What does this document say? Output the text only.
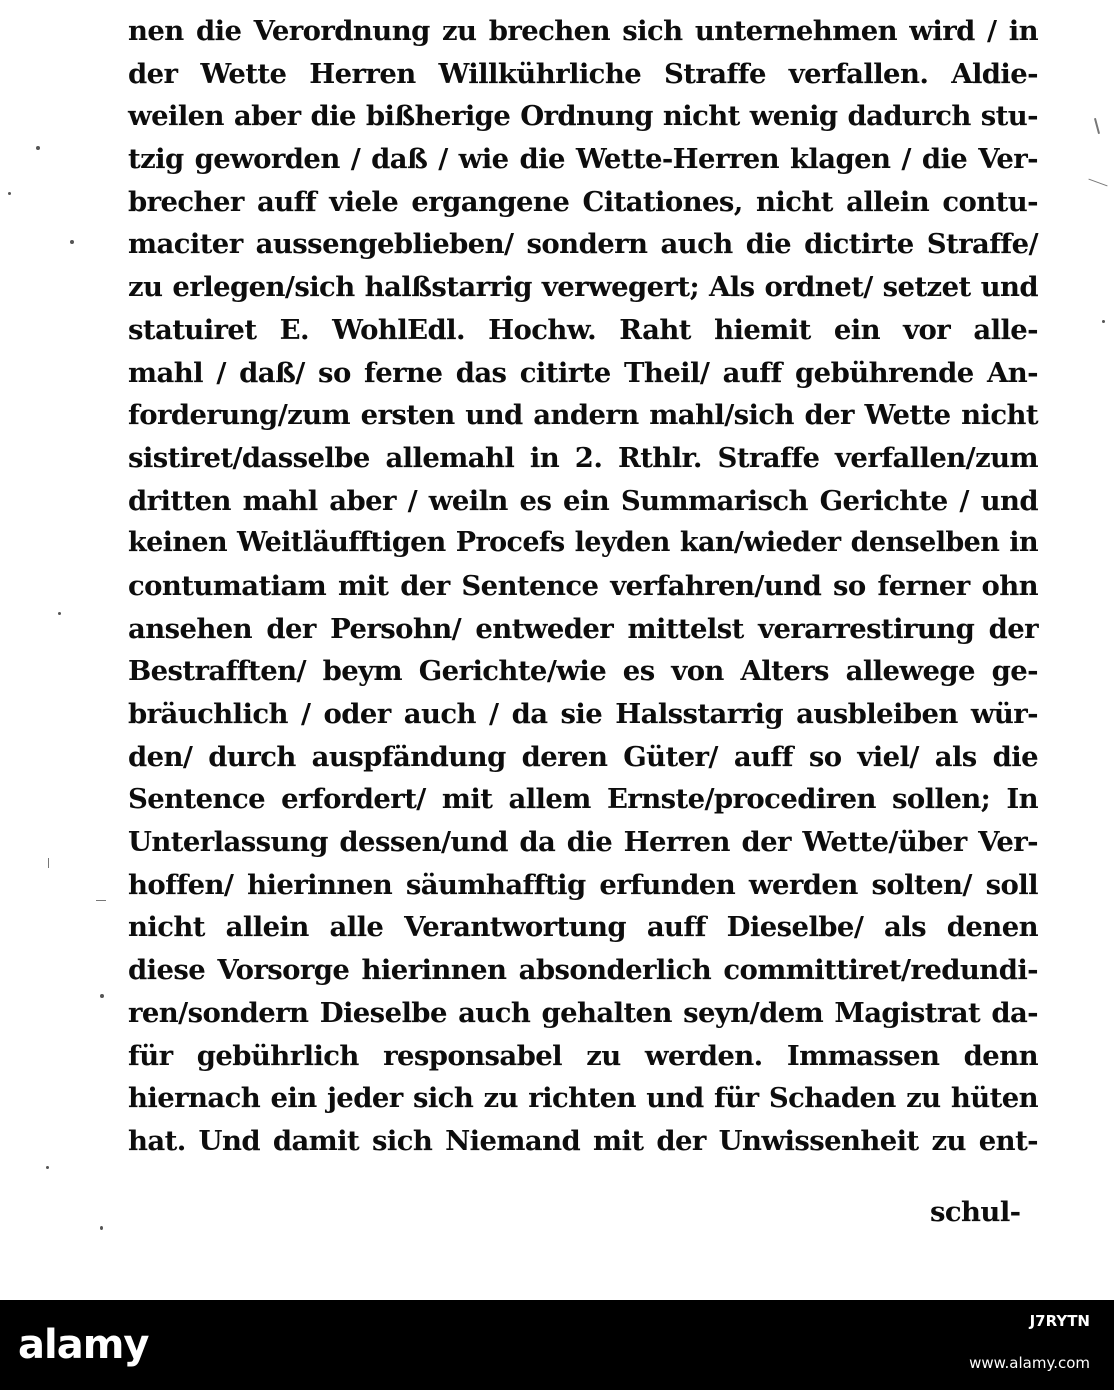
nen die Verordnung zu brechen sich unternehmen wird / in
der Wette Herren Willkührliche Straffe verfallen. Aldie-
weilen aber die bißherige Ordnung nicht wenig dadurch stu-
tzig geworden / daß / wie die Wette-Herren klagen / die Ver-
brecher auff viele ergangene Citationes, nicht allein contu-
maciter aussengeblieben/ sondern auch die dictirte Straffe/
zu erlegen/sich halßstarrig verwegert; Als ordnet/ setzet und
statuiret E. WohlEdl. Hochw. Raht hiemit ein vor alle-
mahl / daß/ so ferne das citirte Theil/ auff gebührende An-
forderung/zum ersten und andern mahl/sich der Wette nicht
sistiret/dasselbe allemahl in 2. Rthlr. Straffe verfallen/zum
dritten mahl aber / weiln es ein Summarisch Gerichte / und
keinen Weitläufftigen Procefs leyden kan/wieder denselben in
contumatiam mit der Sentence verfahren/und so ferner ohn
ansehen der Persohn/ entweder mittelst verarrestirung der
Bestrafften/ beym Gerichte/wie es von Alters allewege ge-
bräuchlich / oder auch / da sie Halsstarrig ausbleiben wür-
den/ durch auspfändung deren Güter/ auff so viel/ als die
Sentence erfordert/ mit allem Ernste/procediren sollen; In
Unterlassung dessen/und da die Herren der Wette/über Ver-
hoffen/ hierinnen säumhafftig erfunden werden solten/ soll
nicht allein alle Verantwortung auff Dieselbe/ als denen
diese Vorsorge hierinnen absonderlich committiret/redundi-
ren/sondern Dieselbe auch gehalten seyn/dem Magistrat da-
für gebührlich responsabel zu werden. Immassen denn
hiernach ein jeder sich zu richten und für Schaden zu hüten
hat. Und damit sich Niemand mit der Unwissenheit zu ent-
schul-
alamy
J7RYTN
www.alamy.com
